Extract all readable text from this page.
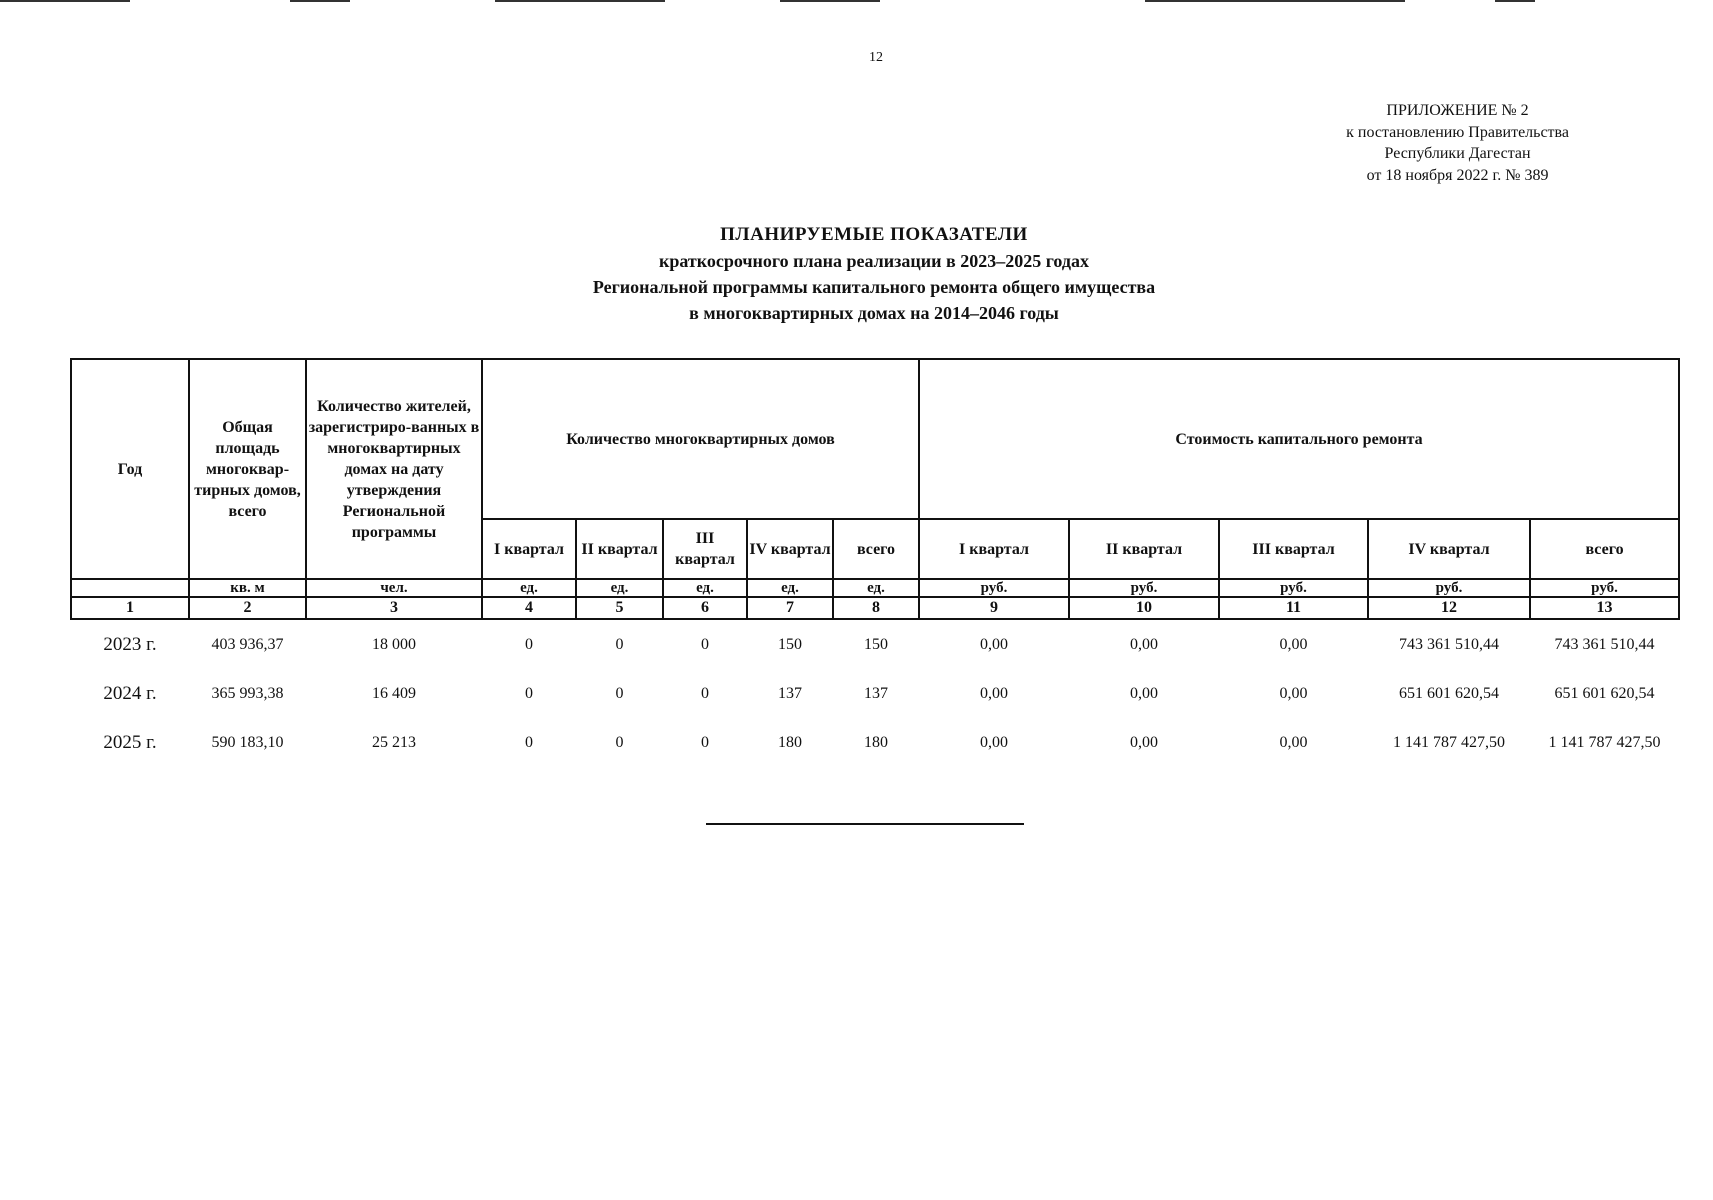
12
ПРИЛОЖЕНИЕ № 2
к постановлению Правительства
Республики Дагестан
от 18 ноября 2022 г. № 389
ПЛАНИРУЕМЫЕ ПОКАЗАТЕЛИ
краткосрочного плана реализации в 2023–2025 годах
Региональной программы капитального ремонта общего имущества
в многоквартирных домах на 2014–2046 годы
Год	Общая площадь многоквар-тирных домов, всего	Количество жителей, зарегистриро-ванных в многоквартирных домах на дату утверждения Региональной программы	Количество многоквартирных домов					Стоимость капитального ремонта				
			I квартал	II квартал	III квартал	IV квартал	всего	I квартал	II квартал	III квартал	IV квартал	всего
	кв. м	чел.	ед.	ед.	ед.	ед.	ед.	руб.	руб.	руб.	руб.	руб.
1	2	3	4	5	6	7	8	9	10	11	12	13
2023 г.	403 936,37	18 000	0	0	0	150	150	0,00	0,00	0,00	743 361 510,44	743 361 510,44
2024 г.	365 993,38	16 409	0	0	0	137	137	0,00	0,00	0,00	651 601 620,54	651 601 620,54
2025 г.	590 183,10	25 213	0	0	0	180	180	0,00	0,00	0,00	1 141 787 427,50	1 141 787 427,50
